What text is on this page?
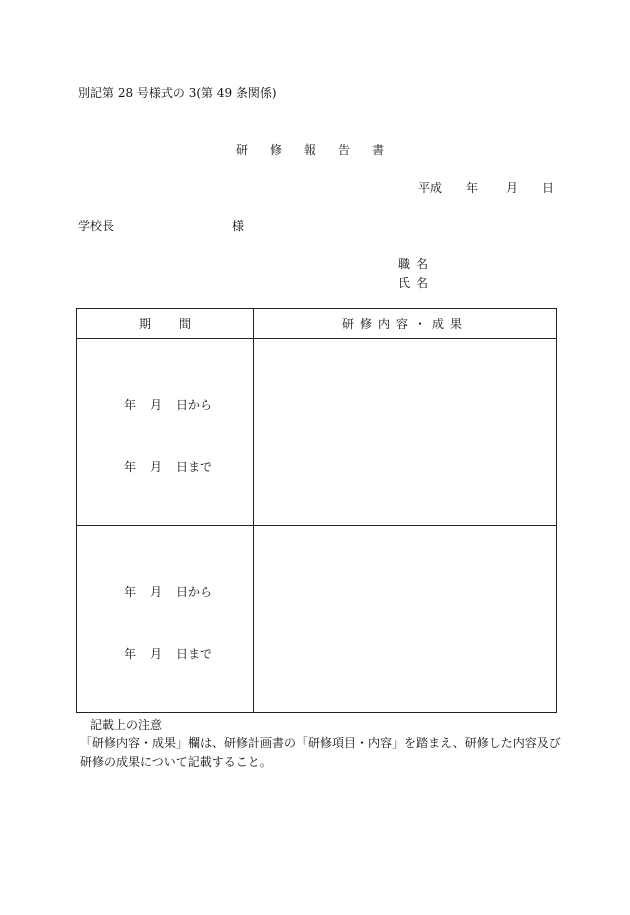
別記第 28 号様式の 3(第 49 条関係)
研 修 報 告 書
平成 年 月 日
学校長	様
職 名
氏 名
期 間	研修内容・成果

年 月 日から
年 月 日まで	

年 月 日から
年 月 日まで	

記載上の注意
「研修内容・成果」欄は、研修計画書の「研修項目・内容」を踏まえ、研修した内容及び研修の成果について記載すること。
